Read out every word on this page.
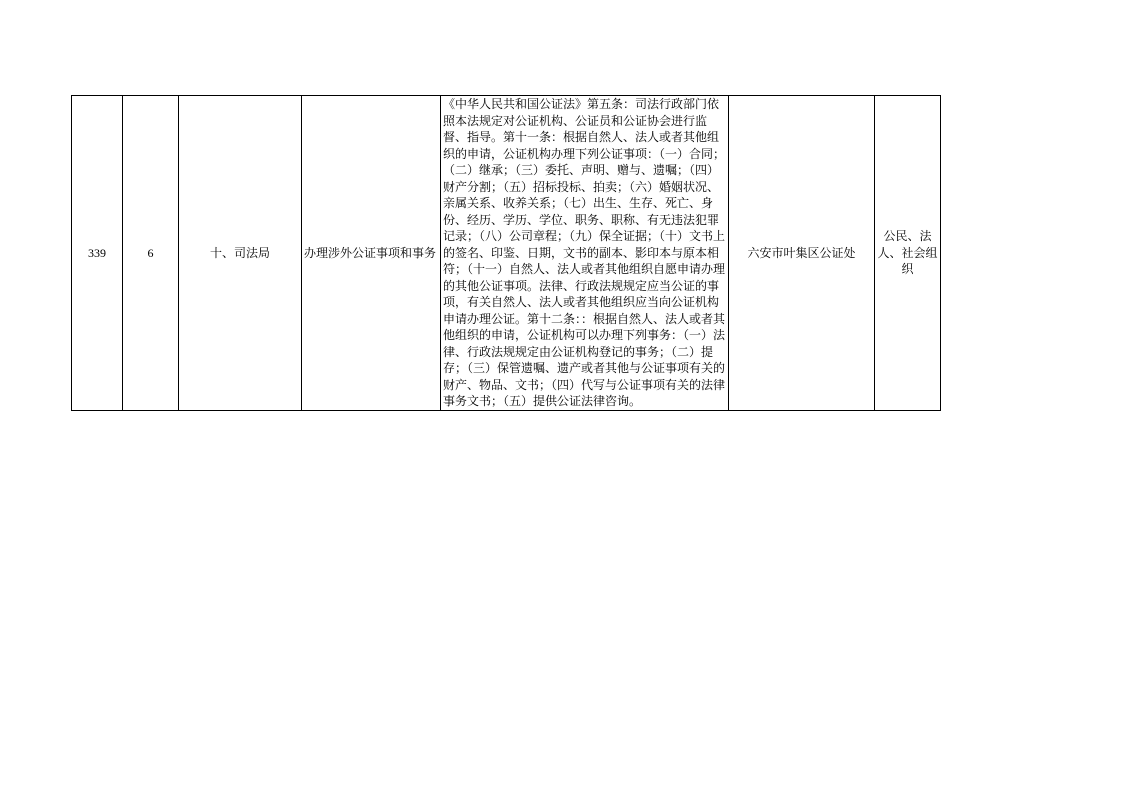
339	6	十、司法局	办理涉外公证事项和事务	《中华人民共和国公证法》第五条：司法行政部门依照本法规定对公证机构、公证员和公证协会进行监督、指导。第十一条：根据自然人、法人或者其他组织的申请，公证机构办理下列公证事项：（一）合同；（二）继承；（三）委托、声明、赠与、遗嘱；（四）财产分割；（五）招标投标、拍卖；（六）婚姻状况、亲属关系、收养关系；（七）出生、生存、死亡、身份、经历、学历、学位、职务、职称、有无违法犯罪记录；（八）公司章程；（九）保全证据；（十）文书上的签名、印鉴、日期，文书的副本、影印本与原本相符；（十一）自然人、法人或者其他组织自愿申请办理的其他公证事项。法律、行政法规规定应当公证的事项，有关自然人、法人或者其他组织应当向公证机构申请办理公证。第十二条：：根据自然人、法人或者其他组织的申请，公证机构可以办理下列事务：（一）法律、行政法规规定由公证机构登记的事务；（二）提存；（三）保管遗嘱、遗产或者其他与公证事项有关的财产、物品、文书；（四）代写与公证事项有关的法律事务文书；（五）提供公证法律咨询。	六安市叶集区公证处	公民、法人、社会组织
